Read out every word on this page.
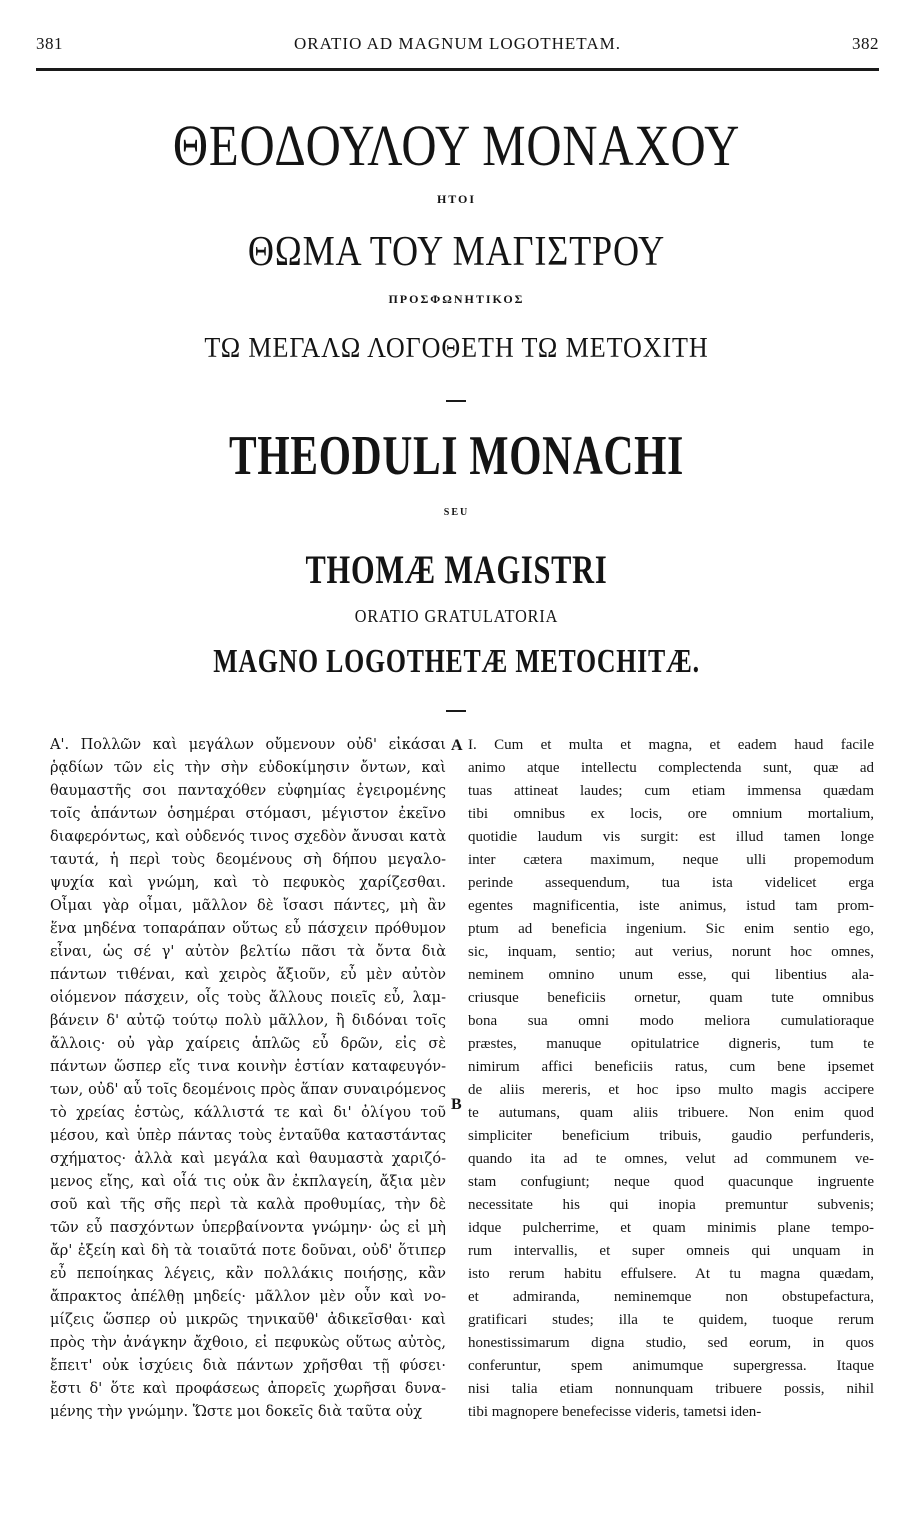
381	ORATIO AD MAGNUM LOGOTHETAM.	382
ΘΕΟΔΟΥΛΟΥ ΜΟΝΑΧΟΥ
ΗΤΟΙ
ΘΩΜΑ ΤΟΥ ΜΑΓΙΣΤΡΟΥ
ΠΡΟΣΦΩΝΗΤΙΚΟΣ
ΤΩ ΜΕΓΑΛΩ ΛΟΓΟΘΕΤΗ ΤΩ ΜΕΤΟΧΙΤΗ
THEODULI MONACHI
SEU
THOMÆ MAGISTRI
ORATIO GRATULATORIA
MAGNO LOGOTHETÆ METOCHITÆ.
Α'. Πολλῶν καὶ μεγάλων οὔμενουν οὐδ' εἰκάσαι
ῥᾳδίων τῶν εἰς τὴν σὴν εὐδοκίμησιν ὄντων, καὶ
θαυμαστῆς σοι πανταχόθεν εὐφημίας ἐγειρομένης
τοῖς ἁπάντων ὁσημέραι στόμασι, μέγιστον ἐκεῖνο
διαφερόντως, καὶ οὐδενός τινος σχεδὸν ἄνυσαι κατὰ
ταυτά, ἡ περὶ τοὺς δεομένους σὴ δήπου μεγαλο-
ψυχία καὶ γνώμη, καὶ τὸ πεφυκὸς χαρίζεσθαι.
Οἶμαι γὰρ οἶμαι, μᾶλλον δὲ ἴσασι πάντες, μὴ ἂν
ἕνα μηδένα τοπαράπαν οὕτως εὖ πάσχειν πρόθυμον
εἶναι, ὡς σέ γ' αὐτὸν βελτίω πᾶσι τὰ ὄντα διὰ
πάντων τιθέναι, καὶ χειρὸς ἄξιοῦν, εὖ μὲν αὐτὸν
οἰόμενον πάσχειν, οἷς τοὺς ἄλλους ποιεῖς εὖ, λαμ-
βάνειν δ' αὐτῷ τούτῳ πολὺ μᾶλλον, ἢ διδόναι τοῖς
ἄλλοις· οὐ γὰρ χαίρεις ἁπλῶς εὖ δρῶν, εἰς σὲ
πάντων ὥσπερ εἴς τινα κοινὴν ἑστίαν καταφευγόν-
των, οὐδ' αὖ τοῖς δεομένοις πρὸς ἅπαν συναιρόμενος
τὸ χρείας ἑστὼς, κάλλιστά τε καὶ δι' ὀλίγου τοῦ
μέσου, καὶ ὑπὲρ πάντας τοὺς ἐνταῦθα καταστάντας
σχήματος· ἀλλὰ καὶ μεγάλα καὶ θαυμαστὰ χαριζό-
μενος εἴης, καὶ οἷά τις οὐκ ἂν ἐκπλαγείη, ἄξια μὲν
σοῦ καὶ τῆς σῆς περὶ τὰ καλὰ προθυμίας, τὴν δὲ
τῶν εὖ πασχόντων ὑπερβαίνοντα γνώμην· ὡς εἰ μὴ
ἄρ' ἐξείη καὶ δὴ τὰ τοιαῦτά ποτε δοῦναι, οὐδ' ὅτιπερ
εὖ πεποίηκας λέγεις, κἂν πολλάκις ποιήσῃς, κἂν
ἄπρακτος ἀπέλθῃ μηδείς· μᾶλλον μὲν οὖν καὶ νο-
μίζεις ὥσπερ οὐ μικρῶς τηνικαῦθ' ἀδικεῖσθαι· καὶ
πρὸς τὴν ἀνάγκην ἄχθοιο, εἰ πεφυκὼς οὕτως αὐτὸς,
ἔπειτ' οὐκ ἰσχύεις διὰ πάντων χρῆσθαι τῇ φύσει·
ἔστι δ' ὅτε καὶ προφάσεως ἀπορεῖς χωρῆσαι δυνα-
μένης τὴν γνώμην. Ὥστε μοι δοκεῖς διὰ ταῦτα οὐχ
A
B
I. Cum et multa et magna, et eadem haud facile
animo atque intellectu complectenda sunt, quæ ad
tuas attineat laudes; cum etiam immensa quædam
tibi omnibus ex locis, ore omnium mortalium,
quotidie laudum vis surgit: est illud tamen longe
inter cætera maximum, neque ulli propemodum
perinde assequendum, tua ista videlicet erga
egentes magnificentia, iste animus, istud tam prom-
ptum ad beneficia ingenium. Sic enim sentio ego,
sic, inquam, sentio; aut verius, norunt hoc omnes,
neminem omnino unum esse, qui libentius ala-
criusque beneficiis ornetur, quam tute omnibus
bona sua omni modo meliora cumulatioraque
præstes, manuque opitulatrice digneris, tum te
nimirum affici beneficiis ratus, cum bene ipsemet
de aliis mereris, et hoc ipso multo magis accipere
te autumans, quam aliis tribuere. Non enim quod
simpliciter beneficium tribuis, gaudio perfunderis,
quando ita ad te omnes, velut ad communem ve-
stam confugiunt; neque quod quacunque ingruente
necessitate his qui inopia premuntur subvenis;
idque pulcherrime, et quam minimis plane tempo-
rum intervallis, et super omneis qui unquam in
isto rerum habitu effulsere. At tu magna quædam,
et admiranda, neminemque non obstupefactura,
gratificari studes; illa te quidem, tuoque rerum
honestissimarum digna studio, sed eorum, in quos
conferuntur, spem animumque supergressa. Itaque
nisi talia etiam nonnunquam tribuere possis, nihil
tibi magnopere benefecisse videris, tametsi iden-
